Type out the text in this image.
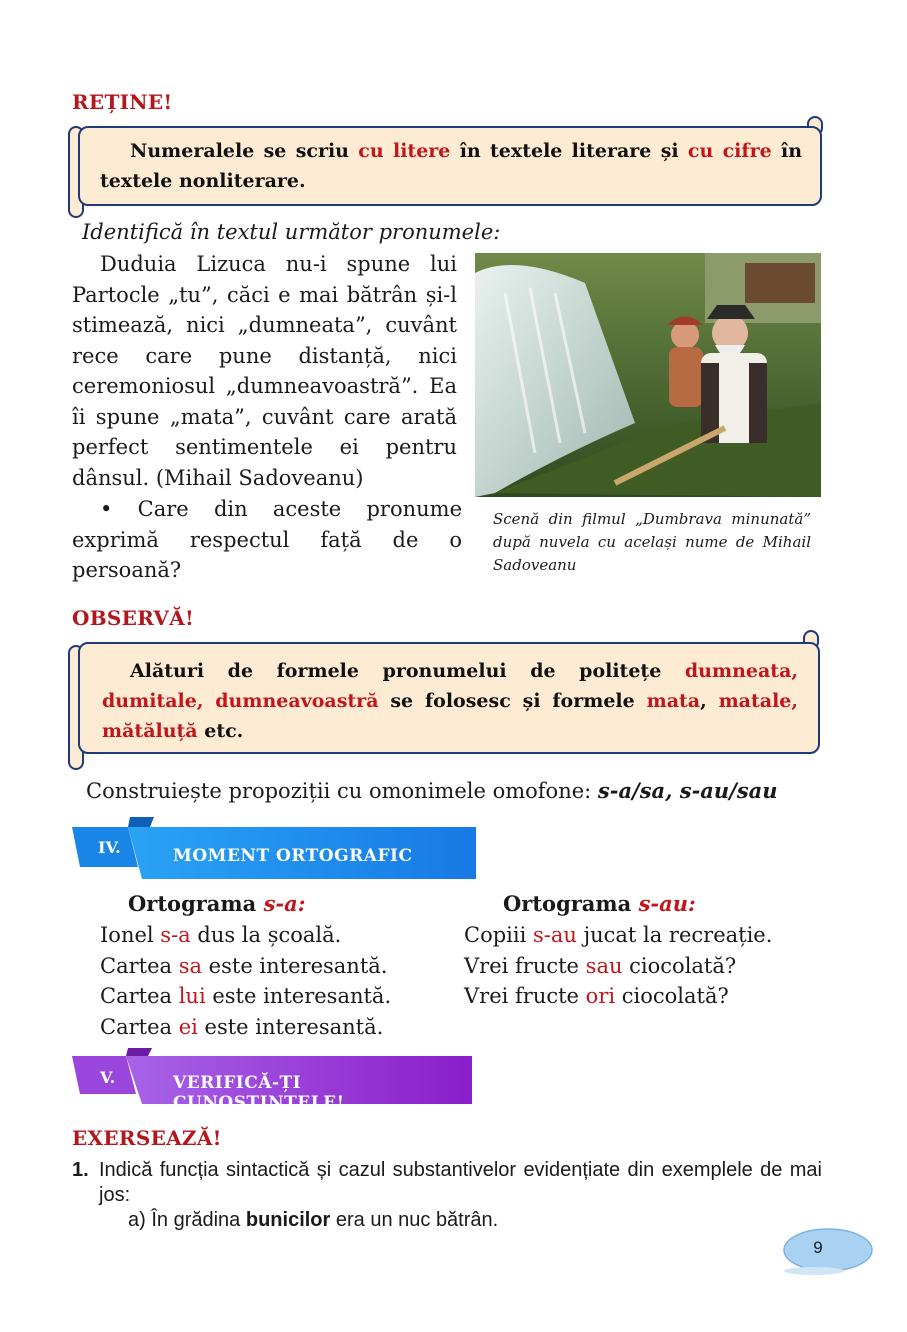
REȚINE!
Numeralele se scriu cu litere în textele literare și cu cifre în textele nonliterare.
Identifică în textul următor pronumele:
Duduia Lizuca nu-i spune lui Partocle „tu”, căci e mai bătrân și-l stimează, nici „dumneata”, cuvânt rece care pune distanță, nici ceremoniosul „dumneavoastră”. Ea îi spune „mata”, cuvânt care arată perfect sentimentele ei pentru dânsul. (Mihail Sadoveanu)
• Care din aceste pronume exprimă respectul față de o persoană?
Scenă din filmul „Dumbrava minunată” după nuvela cu același nume de Mihail Sadoveanu
OBSERVĂ!
Alături de formele pronumelui de politețe dumneata, dumitale, dumneavoastră se folosesc și formele mata, matale, mătăluță etc.
Construiește propoziții cu omonimele omofone: s-a/sa, s-au/sau
IV.	MOMENT ORTOGRAFIC
Ortograma s-a:
Ionel s-a dus la școală.
Cartea sa este interesantă.
Cartea lui este interesantă.
Cartea ei este interesantă.
Ortograma s-au:
Copiii s-au jucat la recreație.
Vrei fructe sau ciocolată?
Vrei fructe ori ciocolată?
V.	VERIFICĂ-ȚI CUNOȘTINȚELE!
EXERSEAZĂ!
1. Indică funcția sintactică și cazul substantivelor evidențiate din exemplele de mai jos:
a) În grădina bunicilor era un nuc bătrân.
9
